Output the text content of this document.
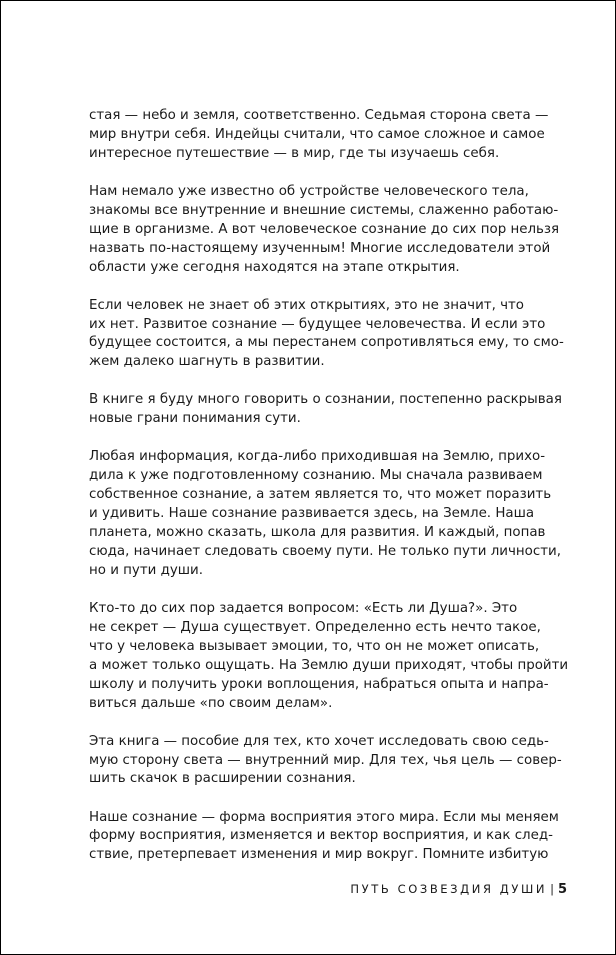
стая — небо и земля, соответственно. Седьмая сторона света —
мир внутри себя. Индейцы считали, что самое сложное и самое
интересное путешествие — в мир, где ты изучаешь себя.

Нам немало уже известно об устройстве человеческого тела,
знакомы все внутренние и внешние системы, слаженно работаю-
щие в организме. А вот человеческое сознание до сих пор нельзя
назвать по-настоящему изученным! Многие исследователи этой
области уже сегодня находятся на этапе открытия.

Если человек не знает об этих открытиях, это не значит, что
их нет. Развитое сознание — будущее человечества. И если это
будущее состоится, а мы перестанем сопротивляться ему, то смо-
жем далеко шагнуть в развитии.

В книге я буду много говорить о сознании, постепенно раскрывая
новые грани понимания сути.

Любая информация, когда-либо приходившая на Землю, прихо-
дила к уже подготовленному сознанию. Мы сначала развиваем
собственное сознание, а затем является то, что может поразить
и удивить. Наше сознание развивается здесь, на Земле. Наша
планета, можно сказать, школа для развития. И каждый, попав
сюда, начинает следовать своему пути. Не только пути личности,
но и пути души.

Кто-то до сих пор задается вопросом: «Есть ли Душа?». Это
не секрет — Душа существует. Определенно есть нечто такое,
что у человека вызывает эмоции, то, что он не может описать,
а может только ощущать. На Землю души приходят, чтобы пройти
школу и получить уроки воплощения, набраться опыта и напра-
виться дальше «по своим делам».

Эта книга — пособие для тех, кто хочет исследовать свою седь-
мую сторону света — внутренний мир. Для тех, чья цель — совер-
шить скачок в расширении сознания.

Наше сознание — форма восприятия этого мира. Если мы меняем
форму восприятия, изменяется и вектор восприятия, и как след-
ствие, претерпевает изменения и мир вокруг. Помните избитую

ПУТЬ СОЗВЕЗДИЯ ДУШИ | 5
